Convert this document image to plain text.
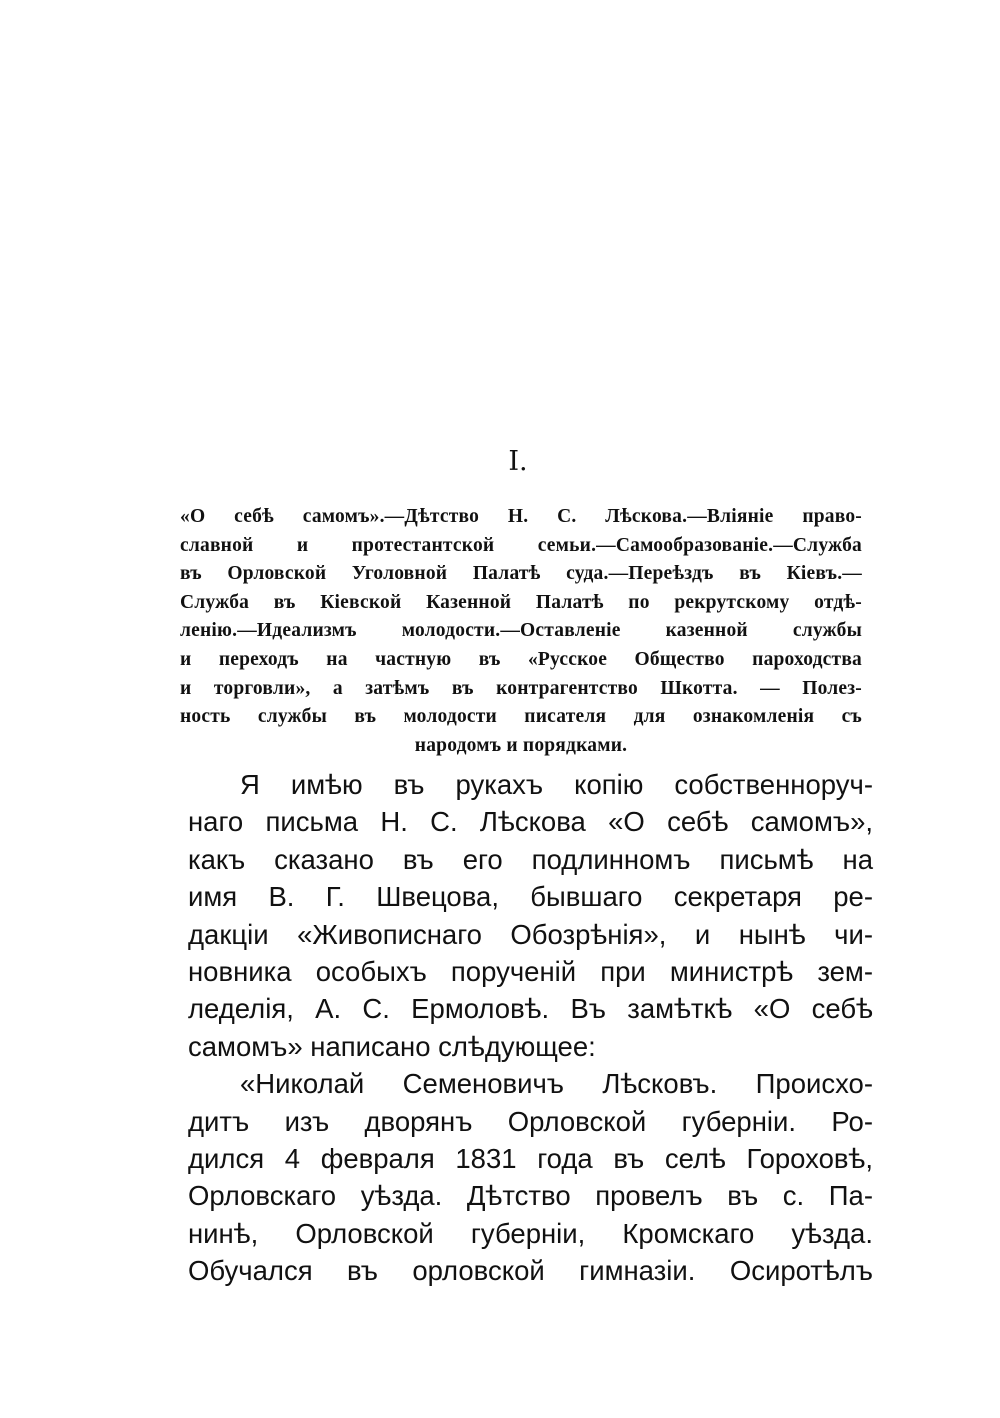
I.
«О себѣ самомъ».—Дѣтство Н. С. Лѣскова.—Вліяніе право-
славной и протестантской семьи.—Самообразованіе.—Служба
въ Орловской Уголовной Палатѣ суда.—Переѣздъ въ Кіевъ.—
Служба въ Кіевской Казенной Палатѣ по рекрутскому отдѣ-
ленію.—Идеализмъ молодости.—Оставленіе казенной службы
и переходъ на частную въ «Русское Общество пароходства
и торговли», а затѣмъ въ контрагентство Шкотта. — Полез-
ность службы въ молодости писателя для ознакомленія съ
народомъ и порядками.
Я имѣю въ рукахъ копію собственноруч-
наго письма Н. С. Лѣскова «О себѣ самомъ»,
какъ сказано въ его подлинномъ письмѣ на
имя В. Г. Швецова, бывшаго секретаря ре-
дакціи «Живописнаго Обозрѣнія», и нынѣ чи-
новника особыхъ порученій при министрѣ зем-
леделія, А. С. Ермоловѣ. Въ замѣткѣ «О себѣ
самомъ» написано слѣдующее:
«Николай Семеновичъ Лѣсковъ. Происхо-
дитъ изъ дворянъ Орловской губерніи. Ро-
дился 4 февраля 1831 года въ селѣ Гороховѣ,
Орловскаго уѣзда. Дѣтство провелъ въ с. Па-
нинѣ, Орловской губерніи, Кромскаго уѣзда.
Обучался въ орловской гимназіи. Осиротѣлъ
